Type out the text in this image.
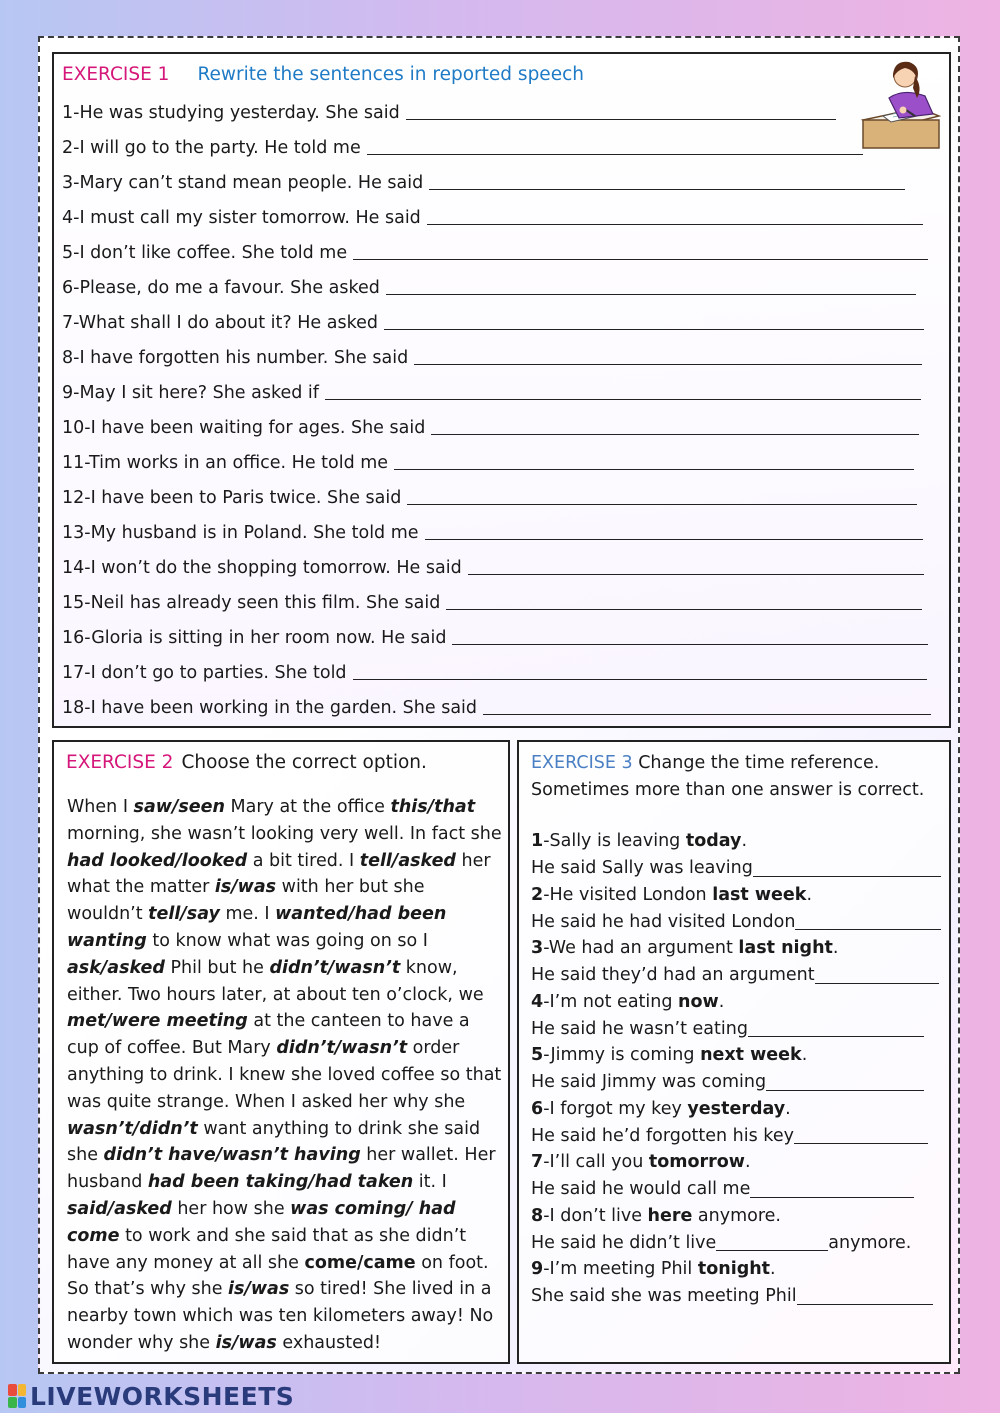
EXERCISE 1 Rewrite the sentences in reported speech
1-He was studying yesterday. She said
2-I will go to the party. He told me
3-Mary can’t stand mean people. He said
4-I must call my sister tomorrow. He said
5-I don’t like coffee. She told me
6-Please, do me a favour. She asked
7-What shall I do about it? He asked
8-I have forgotten his number. She said
9-May I sit here? She asked if
10-I have been waiting for ages. She said
11-Tim works in an office. He told me
12-I have been to Paris twice. She said
13-My husband is in Poland. She told me
14-I won’t do the shopping tomorrow. He said
15-Neil has already seen this film. She said
16-Gloria is sitting in her room now. He said
17-I don’t go to parties. She told
18-I have been working in the garden. She said
EXERCISE 2 Choose the correct option.

When I saw/seen Mary at the office this/that morning, she wasn’t looking very well. In fact she had looked/looked a bit tired. I tell/asked her what the matter is/was with her but she wouldn’t tell/say me. I wanted/had been wanting to know what was going on so I ask/asked Phil but he didn’t/wasn’t know, either. Two hours later, at about ten o’clock, we met/were meeting at the canteen to have a cup of coffee. But Mary didn’t/wasn’t order anything to drink. I knew she loved coffee so that was quite strange. When I asked her why she wasn’t/didn’t want anything to drink she said she didn’t have/wasn’t having her wallet. Her husband had been taking/had taken it. I said/asked her how she was coming/ had come to work and she said that as she didn’t have any money at all she come/came on foot. So that’s why she is/was so tired! She lived in a nearby town which was ten kilometers away! No wonder why she is/was exhausted!

EXERCISE 3 Change the time reference.
Sometimes more than one answer is correct.
1-Sally is leaving today.
He said Sally was leaving
2-He visited London last week.
He said he had visited London
3-We had an argument last night.
He said they’d had an argument
4-I’m not eating now.
He said he wasn’t eating
5-Jimmy is coming next week.
He said Jimmy was coming
6-I forgot my key yesterday.
He said he’d forgotten his key
7-I’ll call you tomorrow.
He said he would call me
8-I don’t live here anymore.
He said he didn’t live	anymore.
9-I’m meeting Phil tonight.
She said she was meeting Phil
LIVEWORKSHEETS
